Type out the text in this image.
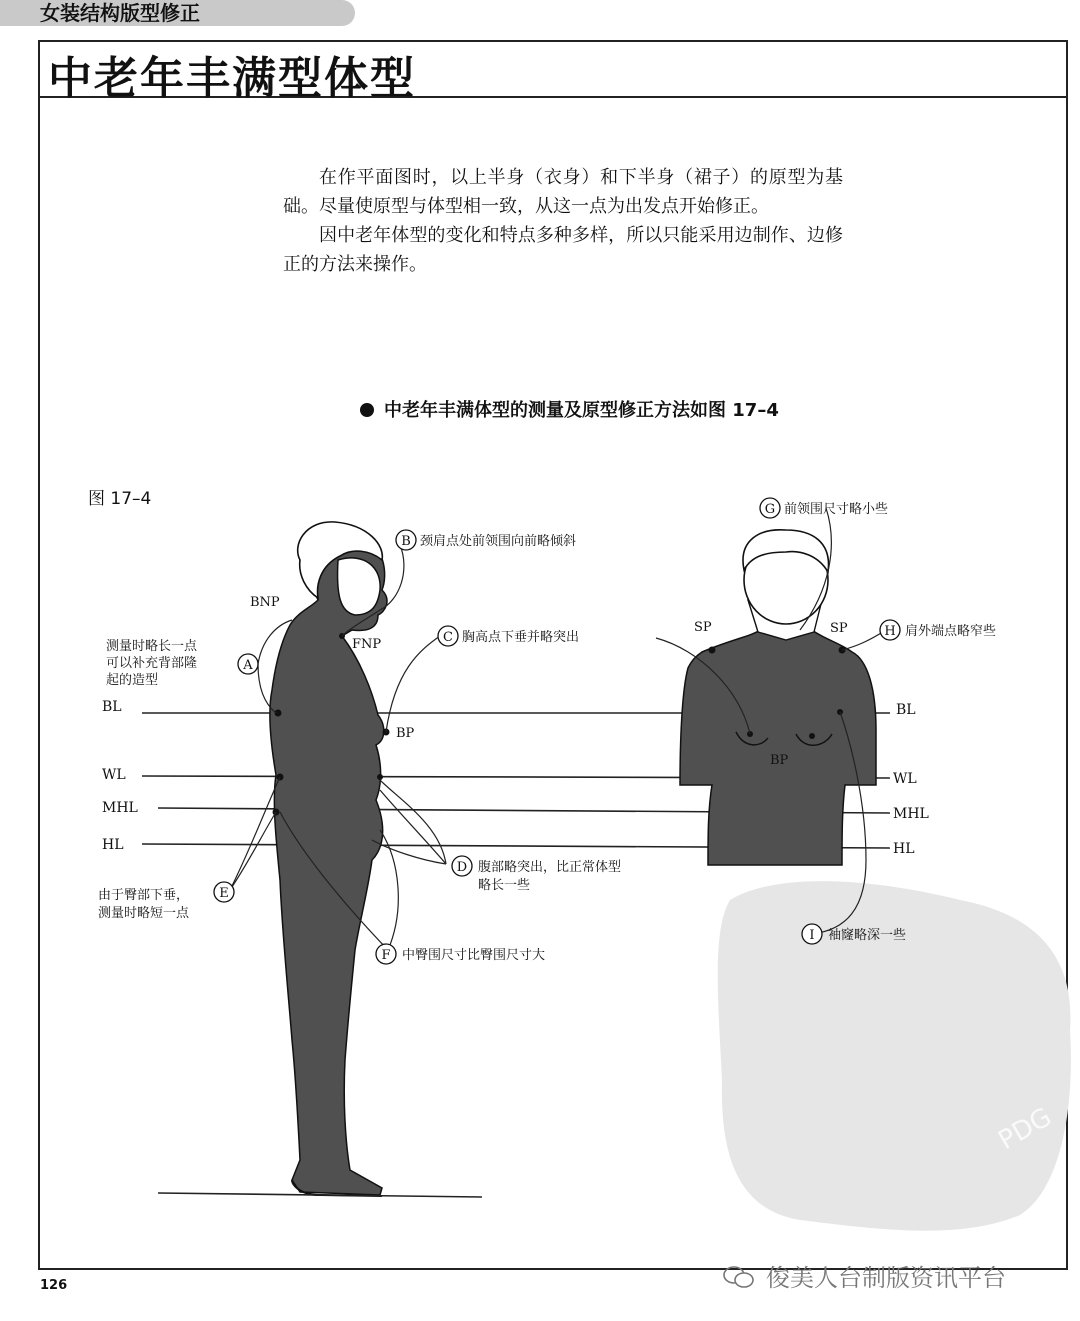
女装结构版型修正
中老年丰满型体型

在作平面图时，以上半身（衣身）和下半身（裙子）的原型为基础。尽量使原型与体型相一致，从这一点为出发点开始修正。

因中老年体型的变化和特点多种多样，所以只能采用边制作、边修正的方法来操作。

中老年丰满体型的测量及原型修正方法如图 17–4
图 17–4
PDG
BL
WL
MHL
HL
BL
WL
MHL
HL
BNP
FNP
BP
BP
SP	SP
A
测量时略长一点
可以补充背部隆
起的造型
B 颈肩点处前领围向前略倾斜
C 胸高点下垂并略突出
D 腹部略突出，比正常体型
略长一些
E
由于臀部下垂，
测量时略短一点
F 中臀围尺寸比臀围尺寸大
G 前领围尺寸略小些
H 肩外端点略窄些
I 袖窿略深一些
126	俊美人台制版资讯平台
